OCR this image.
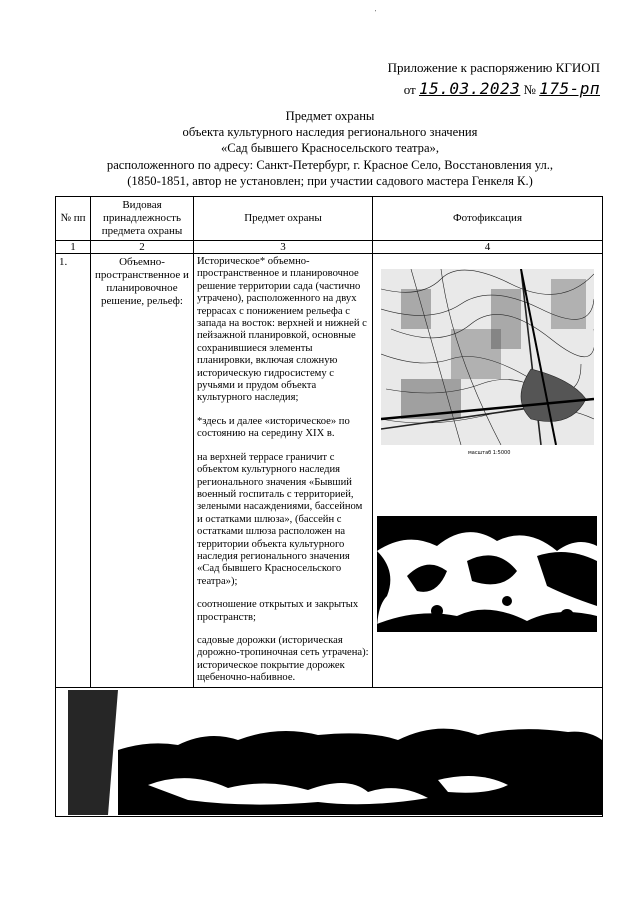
'
Приложение к распоряжению КГИОП
от 15.03.2023 № 175-рп
Предмет охраны
объекта культурного наследия регионального значения
«Сад бывшего Красносельского театра»,
расположенного по адресу: Санкт-Петербург, г. Красное Село, Восстановления ул.,
(1850-1851, автор не установлен; при участии садового мастера Генкеля К.)
№ пп	Видовая принадлежность предмета охраны	Предмет охраны	Фотофиксация
1	2	3	4
1.	Объемно-пространственное и планировочное решение, рельеф:	Историческое* объемно-пространственное и планировочное решение территории сада (частично утрачено), расположенного на двух террасах с понижением рельефа с запада на восток: верхней и нижней с пейзажной планировкой, основные сохранившиеся элементы планировки, включая сложную историческую гидросистему с ручьями и прудом объекта культурного наследия;

*здесь и далее «историческое» по состоянию на середину XIX в.

на верхней террасе граничит с объектом культурного наследия регионального значения «Бывший военный госпиталь с территорией, зелеными насаждениями, бассейном и остатками шлюза», (бассейн с остатками шлюза расположен на территории объекта культурного наследия регионального значения «Сад бывшего Красносельского театра»);

соотношение открытых и закрытых пространств;

садовые дорожки (историческая дорожно-тропиночная сеть утрачена): историческое покрытие дорожек щебеночно-набивное.	масштаб 1:5000
